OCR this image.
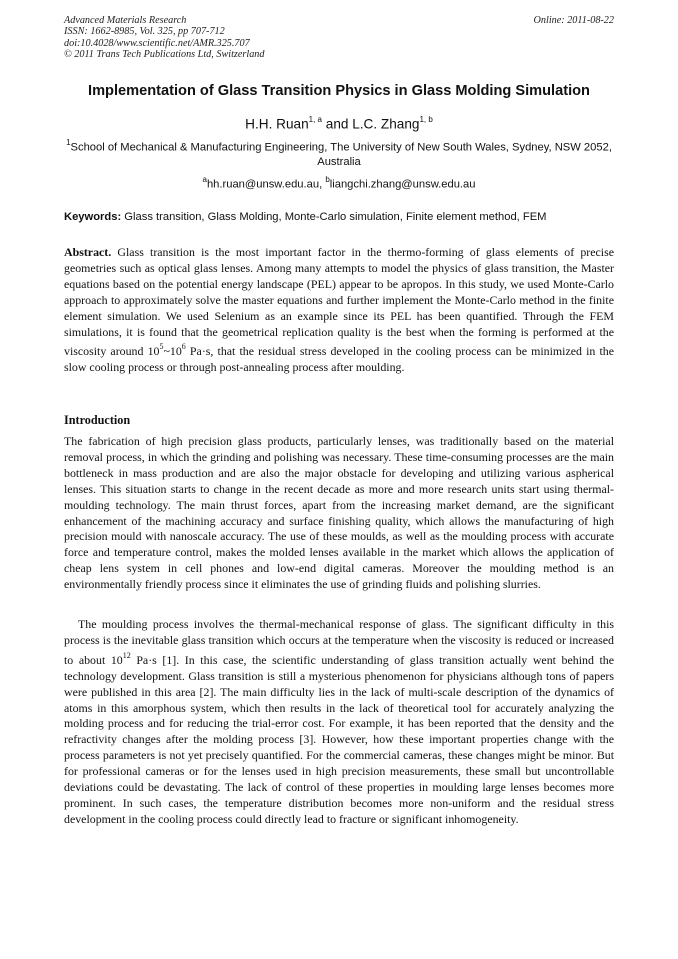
Advanced Materials Research
ISSN: 1662-8985, Vol. 325, pp 707-712
doi:10.4028/www.scientific.net/AMR.325.707
© 2011 Trans Tech Publications Ltd, Switzerland
Online: 2011-08-22
Implementation of Glass Transition Physics in Glass Molding Simulation
H.H. Ruan$^{1, a}$ and L.C. Zhang$^{1, b}$
$^1$School of Mechanical & Manufacturing Engineering, The University of New South Wales, Sydney, NSW 2052, Australia
$^a$hh.ruan@unsw.edu.au, $^b$liangchi.zhang@unsw.edu.au
Keywords: Glass transition, Glass Molding, Monte-Carlo simulation, Finite element method, FEM
Abstract. Glass transition is the most important factor in the thermo-forming of glass elements of precise geometries such as optical glass lenses. Among many attempts to model the physics of glass transition, the Master equations based on the potential energy landscape (PEL) appear to be apropos. In this study, we used Monte-Carlo approach to approximately solve the master equations and further implement the Monte-Carlo method in the finite element simulation. We used Selenium as an example since its PEL has been quantified. Through the FEM simulations, it is found that the geometrical replication quality is the best when the forming is performed at the viscosity around $10^5\sim 10^6$ Pa·s, that the residual stress developed in the cooling process can be minimized in the slow cooling process or through post-annealing process after moulding.
Introduction
The fabrication of high precision glass products, particularly lenses, was traditionally based on the material removal process, in which the grinding and polishing was necessary. These time-consuming processes are the main bottleneck in mass production and are also the major obstacle for developing and utilizing various aspherical lenses. This situation starts to change in the recent decade as more and more research units start using thermal-moulding technology. The main thrust forces, apart from the increasing market demand, are the significant enhancement of the machining accuracy and surface finishing quality, which allows the manufacturing of high precision mould with nanoscale accuracy. The use of these moulds, as well as the moulding process with accurate force and temperature control, makes the molded lenses available in the market which allows the application of cheap lens system in cell phones and low-end digital cameras. Moreover the moulding method is an environmentally friendly process since it eliminates the use of grinding fluids and polishing slurries.
The moulding process involves the thermal-mechanical response of glass. The significant difficulty in this process is the inevitable glass transition which occurs at the temperature when the viscosity is reduced or increased to about $10^{12}$ Pa·s [1]. In this case, the scientific understanding of glass transition actually went behind the technology development. Glass transition is still a mysterious phenomenon for physicians although tons of papers were published in this area [2]. The main difficulty lies in the lack of multi-scale description of the dynamics of atoms in this amorphous system, which then results in the lack of theoretical tool for accurately analyzing the molding process and for reducing the trial-error cost. For example, it has been reported that the density and the refractivity changes after the molding process [3]. However, how these important properties change with the process parameters is not yet precisely quantified. For the commercial cameras, these changes might be minor. But for professional cameras or for the lenses used in high precision measurements, these small but uncontrollable deviations could be devastating. The lack of control of these properties in moulding large lenses becomes more prominent. In such cases, the temperature distribution becomes more non-uniform and the residual stress development in the cooling process could directly lead to fracture or significant inhomogeneity.
